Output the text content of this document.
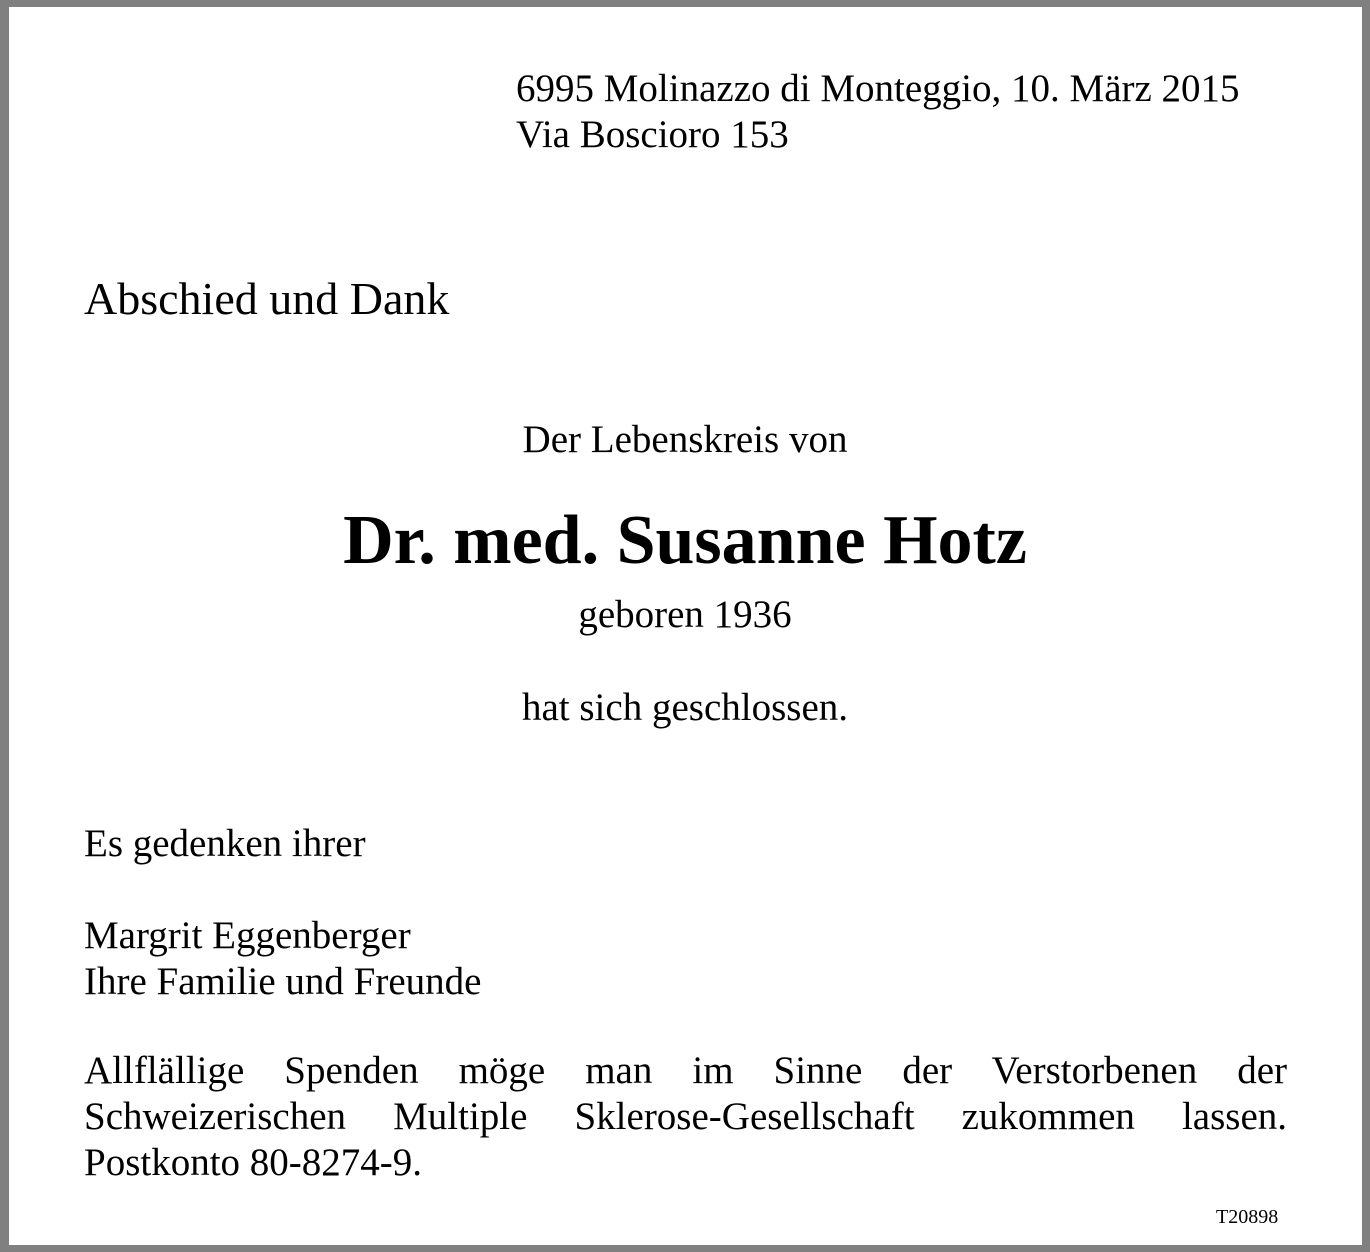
6995 Molinazzo di Monteggio, 10. März 2015
Via Boscioro 153
Abschied und Dank
Der Lebenskreis von
Dr. med. Susanne Hotz
geboren 1936
hat sich geschlossen.
Es gedenken ihrer
Margrit Eggenberger
Ihre Familie und Freunde
Allflällige Spenden möge man im Sinne der Verstorbenen der
Schweizerischen Multiple Sklerose-Gesellschaft zukommen lassen.
Postkonto 80-8274-9.
T20898
